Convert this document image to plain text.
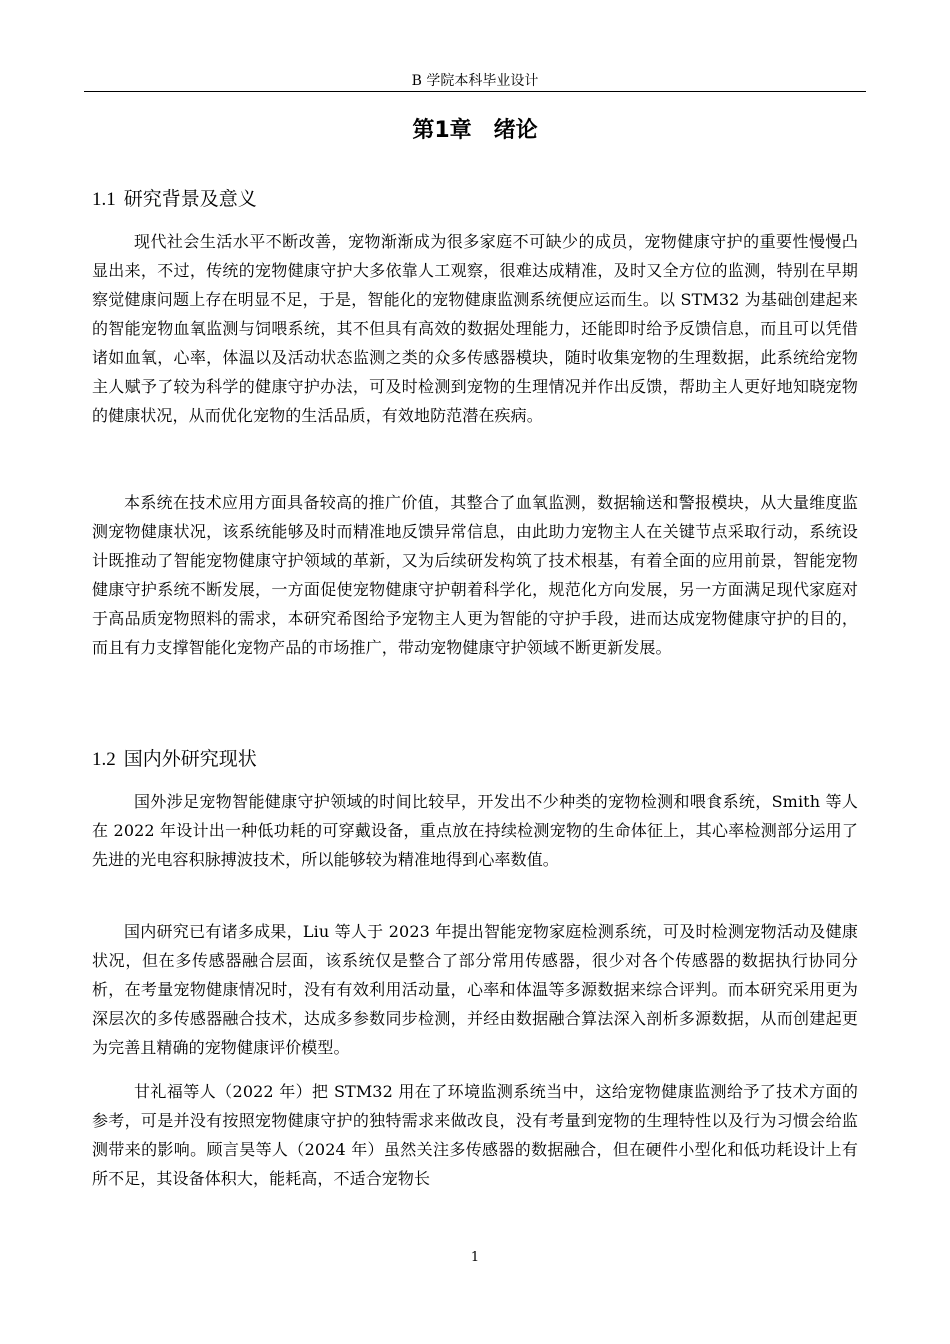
B 学院本科毕业设计
第1章 绪论
1.1 研究背景及意义

现代社会生活水平不断改善，宠物渐渐成为很多家庭不可缺少的成员，宠物健康守护的重要性慢慢凸显出来，不过，传统的宠物健康守护大多依靠人工观察，很难达成精准，及时又全方位的监测，特别在早期察觉健康问题上存在明显不足，于是，智能化的宠物健康监测系统便应运而生。以 STM32 为基础创建起来的智能宠物血氧监测与饲喂系统，其不但具有高效的数据处理能力，还能即时给予反馈信息，而且可以凭借诸如血氧，心率，体温以及活动状态监测之类的众多传感器模块，随时收集宠物的生理数据，此系统给宠物主人赋予了较为科学的健康守护办法，可及时检测到宠物的生理情况并作出反馈，帮助主人更好地知晓宠物的健康状况，从而优化宠物的生活品质，有效地防范潜在疾病。

本系统在技术应用方面具备较高的推广价值，其整合了血氧监测，数据输送和警报模块，从大量维度监测宠物健康状况，该系统能够及时而精准地反馈异常信息，由此助力宠物主人在关键节点采取行动，系统设计既推动了智能宠物健康守护领域的革新，又为后续研发构筑了技术根基，有着全面的应用前景，智能宠物健康守护系统不断发展，一方面促使宠物健康守护朝着科学化，规范化方向发展，另一方面满足现代家庭对于高品质宠物照料的需求，本研究希图给予宠物主人更为智能的守护手段，进而达成宠物健康守护的目的，而且有力支撑智能化宠物产品的市场推广，带动宠物健康守护领域不断更新发展。

1.2 国内外研究现状

国外涉足宠物智能健康守护领域的时间比较早，开发出不少种类的宠物检测和喂食系统，Smith 等人在 2022 年设计出一种低功耗的可穿戴设备，重点放在持续检测宠物的生命体征上，其心率检测部分运用了先进的光电容积脉搏波技术，所以能够较为精准地得到心率数值。

国内研究已有诸多成果，Liu 等人于 2023 年提出智能宠物家庭检测系统，可及时检测宠物活动及健康状况，但在多传感器融合层面，该系统仅是整合了部分常用传感器，很少对各个传感器的数据执行协同分析，在考量宠物健康情况时，没有有效利用活动量，心率和体温等多源数据来综合评判。而本研究采用更为深层次的多传感器融合技术，达成多参数同步检测，并经由数据融合算法深入剖析多源数据，从而创建起更为完善且精确的宠物健康评价模型。

甘礼福等人（2022 年）把 STM32 用在了环境监测系统当中，这给宠物健康监测给予了技术方面的参考，可是并没有按照宠物健康守护的独特需求来做改良，没有考量到宠物的生理特性以及行为习惯会给监测带来的影响。顾言昊等人（2024 年）虽然关注多传感器的数据融合，但在硬件小型化和低功耗设计上有所不足，其设备体积大，能耗高，不适合宠物长

1
